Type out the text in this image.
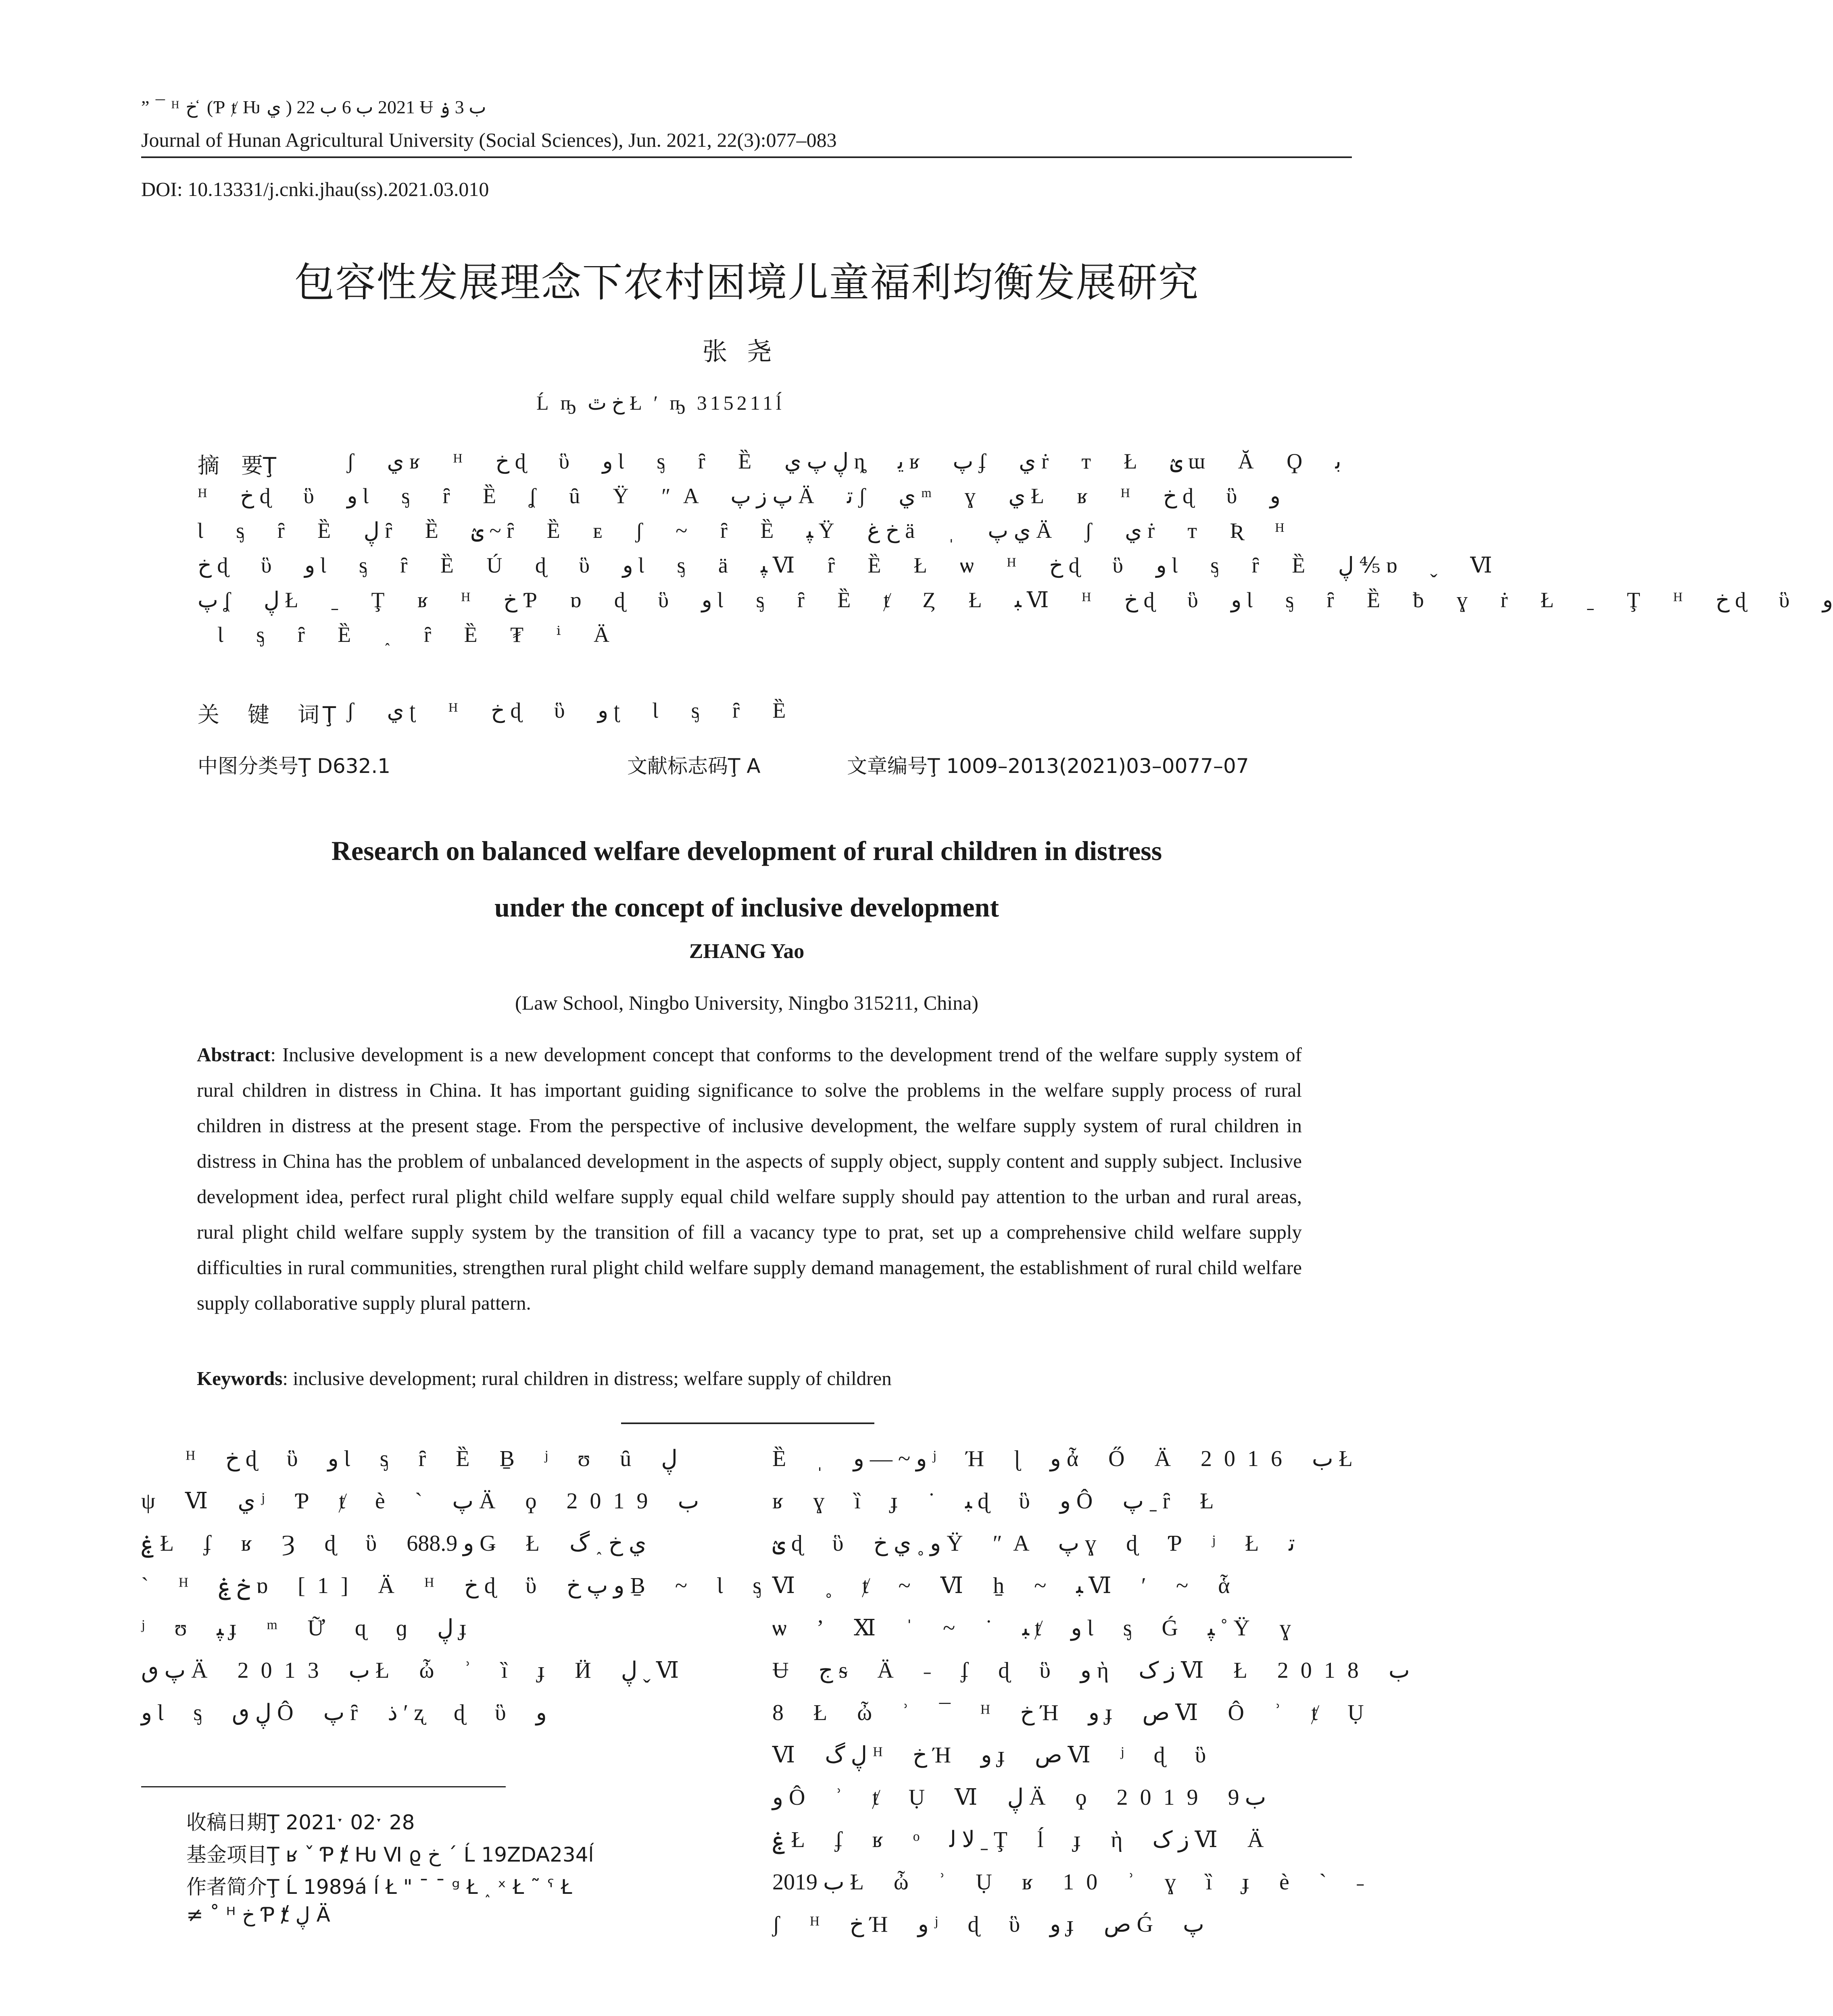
” ¯ ᴴ خ ̒ (Ƥ ⱦ Ƕ ي ) 2021 ب 6 ب 22 Ʉ ب 3 ۏ
Journal of Hunan Agricultural University (Social Sciences), Jun. 2021, 22(3):077–083
DOI: 10.13331/j.cnki.jhau(ss).2021.03.010
包容性发展理念下农村困境儿童福利均衡发展研究
张尧
Ĺ ҧ خ ٿ Ł ʹ ҧ 315211ĺ
摘　要Ţ	ʃ ي ʁ ᴴ خ ɖ ὓ ﻭ Ɩ ᶊ ȓ Ȅ ڸ پ ي ȵ ﯾ ʁ پ ʄ ي ṙ ᴛ Ł ؽ ɯ Ă Ϙ ﺑ
ᴴ خ ɖ ὓ ﻭ Ɩ ᶊ ȓ Ȅ ʆ ȗ Ÿ ʺA پ ﺯ پ Ä ﺗ ʃ ي ᵐ ɣ ي Ł ʁ ᴴ خ ɖ ὓ ﻭ
Ɩ ᶊ ȓ Ȅ ڸ ȓ Ȅ ؽ ~ ȓ Ȅ ᴇ ʃ ~ ȓ Ȅ ﭙ Ÿ خ ﻍ ä ˌ ي پ Ä ʃ ي ṙ ᴛ Ʀ ᴴ
خ ɖ ὓ ﻭ Ɩ ᶊ ȓ Ȅ Ú ɖ ὓ ﻭ Ɩ ᶊ ä ﭙ Ⅵ ȓ Ȅ Ł ѡ ᴴ خ ɖ ὓ ﻭ Ɩ ᶊ ȓ Ȅ ڸ ⅘ ɒ ˬ Ⅵ
پ ʆ ڸ Ł ˍ Ţ ʁ ᴴ خ Ƥ ɒ ɖ ὓ ﻭ Ɩ ᶊ ȓ Ȅ ⱦ Ȥ Ł ﺒ Ⅵ ᴴ خ ɖ ὓ ﻭ Ɩ ᶊ ȓ Ȅ ƀ ɣ ṙ Ł ˍ Ţ ᴴ خ ɖ ὓ ﻭ
Ɩ ᶊ ȓ Ȅ ˰ ȓ Ȅ ₮ ⁱ Ä
关　键　词Ţ ʃ ي ʈ ᴴ خ ɖ ὓ ﻭ ʈ Ɩ ᶊ ȓ Ȅ
中图分类号Ţ D632.1	文献标志码Ţ A	文章编号Ţ 1009–2013(2021)03–0077–07
Research on balanced welfare development of rural children in distress
under the concept of inclusive development
ZHANG Yao
(Law School, Ningbo University, Ningbo 315211, China)
Abstract: Inclusive development is a new development concept that conforms to the development trend of the welfare supply system of rural children in distress in China. It has important guiding significance to solve the problems in the welfare supply process of rural children in distress at the present stage. From the perspective of inclusive development, the welfare supply system of rural children in distress in China has the problem of unbalanced development in the aspects of supply object, supply content and supply subject. Inclusive development idea, perfect rural plight child welfare supply equal child welfare supply should pay attention to the urban and rural areas, rural plight child welfare supply system by the transition of fill a vacancy type to prat, set up a comprehensive child welfare supply difficulties in rural communities, strengthen rural plight child welfare supply demand management, the establishment of rural child welfare supply collaborative supply plural pattern.
Keywords: inclusive development; rural children in distress; welfare supply of children
ᴴ خ ɖ ὓ ﻭ Ɩ ᶊ ȓ Ȅ Ḇ ʲ ʊ ȗ ڸ
ψ Ⅵ ي ʲ Ƥ ⱦ è ˋ پ Ä ϙ 2019 ب
ۼ Ł ʄ ʁ Ȝ ɖ ὓ ﻭ 688.9 Ǥ Ł ي خ ˰ گ
ˋ ᴴ خ ۼ ɒ [1] Ä ᴴ خ ɖ ὓ ﻭ پ خ Ḇ ~ Ɩ ᶊ
ʲ ʊ ﭙ ɟ ᵐ Ữ ɋ ɡ ڸ ɟ
پ ٯ Ä 2013 ب Ł ὦ ʾ ȉ ɟ Ӥ ڸ ˬ Ⅵ
ﻭ Ɩ ᶊ ڸ ٯ Ô پ ȓ ﺫ ʹ ʐ ɖ ὓ ﻭ
Ȅ ˌ ﻭ ~ — ﻭ ʲ Ή ɭ ﻭ ἆ Ő Ä 2016 ب Ł
ʁ ɣ ȉ ɟ ˙ ﺒ ɖ ὓ ﻭ Ô پ ˍ ȓ Ł
ؽ ɖ ὓ ﻭ ˳ ي خ Ÿ ʺA پ ɣ ɖ Ƥ ʲ Ł ﺗ
Ⅵ ˳ ⱦ ~ Ⅵ ẖ ~ ﺒ Ⅵ ʹ ~ ἇ
ѡ ʼ Ⅺ ˈ ~ ˙ ﺒ ⱦ ﻭ Ɩ ᶊ Ǵ ﭙ ˚ Ÿ ɣ
Ʉ ج ᵴ Ä ˗ ʄ ɖ ὓ ﻭ ὴ ﺯ ک Ⅵ Ł 2018 ب
8 Ł ὦ ʾ ¯ ᴴ خ Ή ﻭ ɟ ص Ⅵ Ô ʾ ⱦ Ụ
Ⅵ ڸ گ ᴴ خ Ή ﻭ ɟ ص Ⅵ ʲ ɖ ὓ
ﻭ Ô ʾ ⱦ Ụ Ⅵ ڸ Ä ϙ 2019 ب 9
ۼ Ł ʄ ʁ ᵒ ﻻ ﻟ ˍ Ţ ĺ ɟ ὴ ﺯ ک Ⅵ Ä
2019 ب Ł ὦ ʾ Ụ ʁ 10 ʾ ɣ ȉ ɟ è ˋ ˗
ʃ ᴴ خ Ή ﻭ ʲ ɖ ὓ ﻭ ɟ ص Ǵ پ
收稿日期Ţ 2021ˑ 02ˑ 28
基金项目Ţ ʁ ˇ Ƥ ⱦ Ƕ Ⅵ ϱ خ ˊ Ĺ 19ZDA234ĺ
作者简介Ţ Ĺ 1989á ĺ Ł " ¯ ¯ ᵍ Ł ˰ ˣ Ł ˜ ˤ Ł
≠ ˚ ᴴ خ Ƥ ⱦ ڸ Ä
